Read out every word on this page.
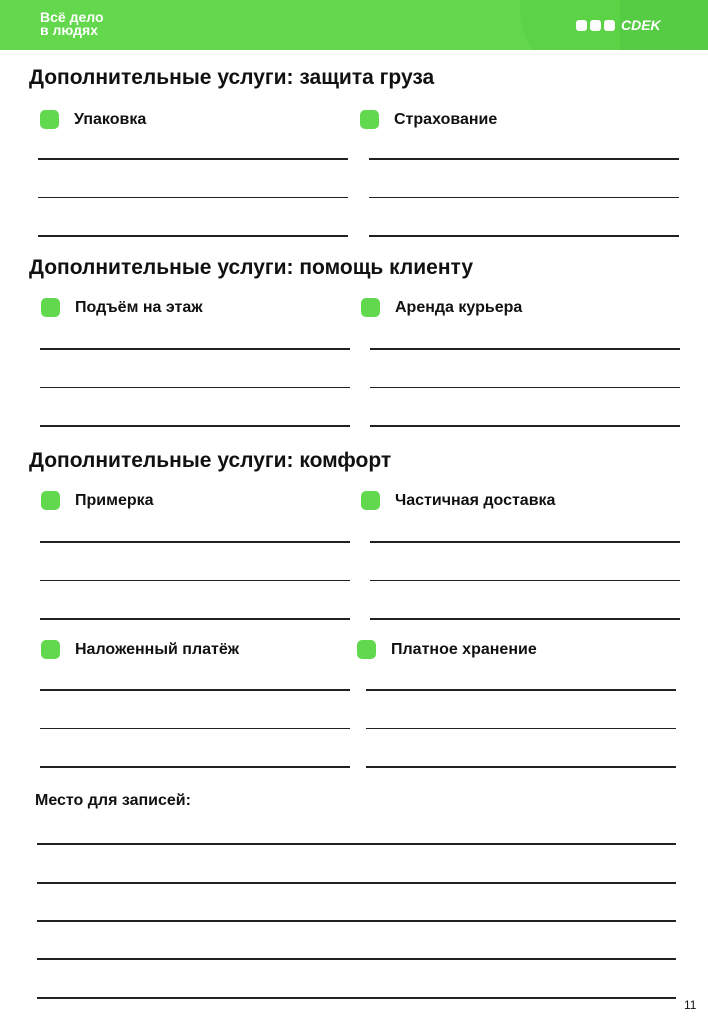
Всё дело
в людях	CDEK
Дополнительные услуги: защита груза
Упаковка	Страхование
Дополнительные услуги: помощь клиенту
Подъём на этаж	Аренда курьера
Дополнительные услуги: комфорт
Примерка	Частичная доставка
Наложенный платёж	Платное хранение
Место для записей:
11
